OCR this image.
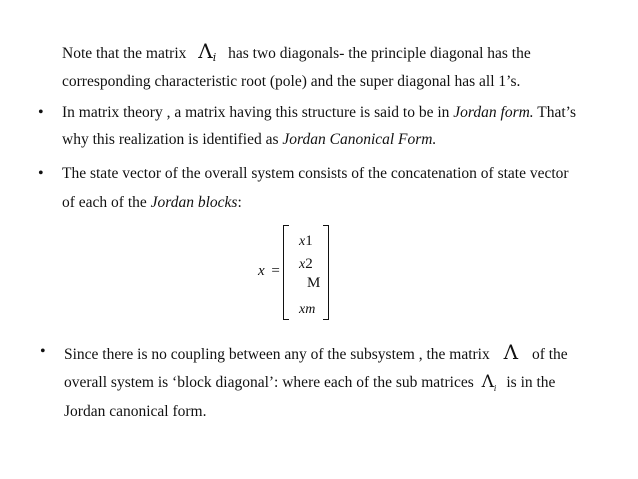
Note that the matrix Λi has two diagonals- the principle diagonal has the
corresponding characteristic root (pole) and the super diagonal has all 1’s.
• In matrix theory , a matrix having this structure is said to be in Jordan form. That’s
why this realization is identified as Jordan Canonical Form.
• The state vector of the overall system consists of the concatenation of state vector
of each of the Jordan blocks:
x =
x1
x2
M
xm
• Since there is no coupling between any of the subsystem , the matrix Λ of the
overall system is ‘block diagonal’: where each of the sub matrices $\Lambda_i$ is in the
Jordan canonical form.
